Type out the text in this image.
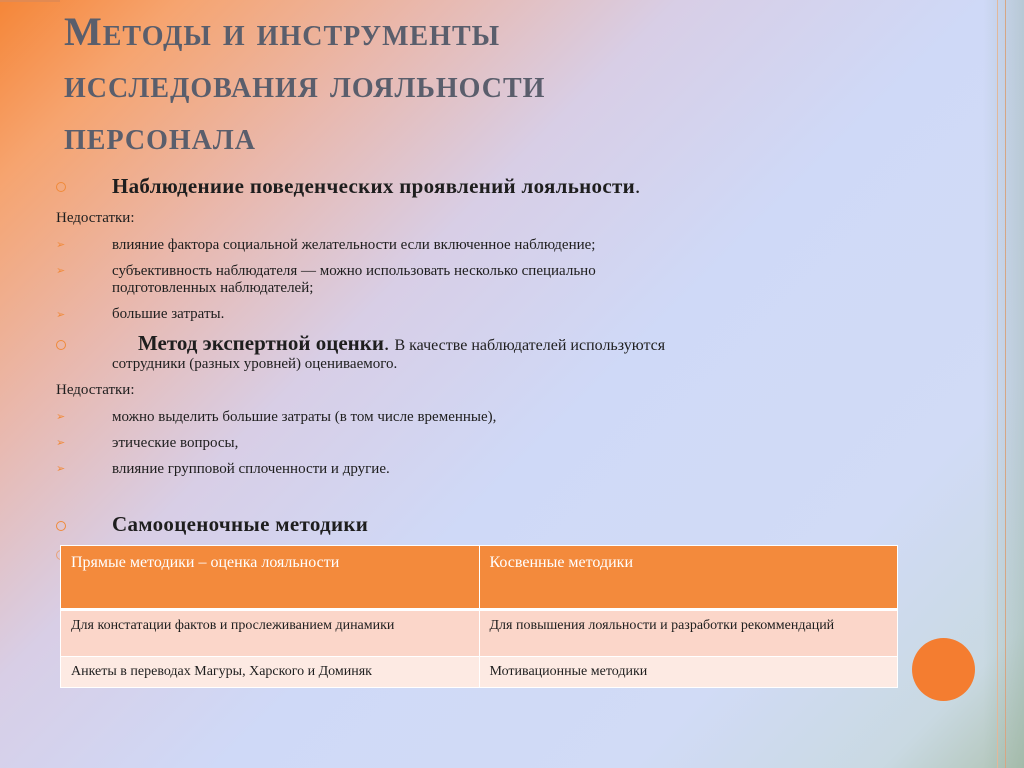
Методы и инструменты
исследования лояльности
персонала
Наблюдениие поведенческих проявлений лояльности.
Недостатки:
➢	влияние фактора социальной желательности если включенное наблюдение;
➢	субъективность наблюдателя — можно использовать несколько специально
подготовленных наблюдателей;
➢	большие затраты.
Метод экспертной оценки. В качестве наблюдателей используются
сотрудники (разных уровней) оцениваемого.
Недостатки:
➢	можно выделить большие затраты (в том числе временные),
➢	этические вопросы,
➢	влияние групповой сплоченности и другие.
Самооценочные методики
Прямые методики – оценка лояльности	Косвенные методики
Для констатации фактов и прослеживанием динамики	Для повышения лояльности и разработки рекоммендаций
Анкеты в переводах Магуры, Харского и Доминяк	Мотивационные методики
